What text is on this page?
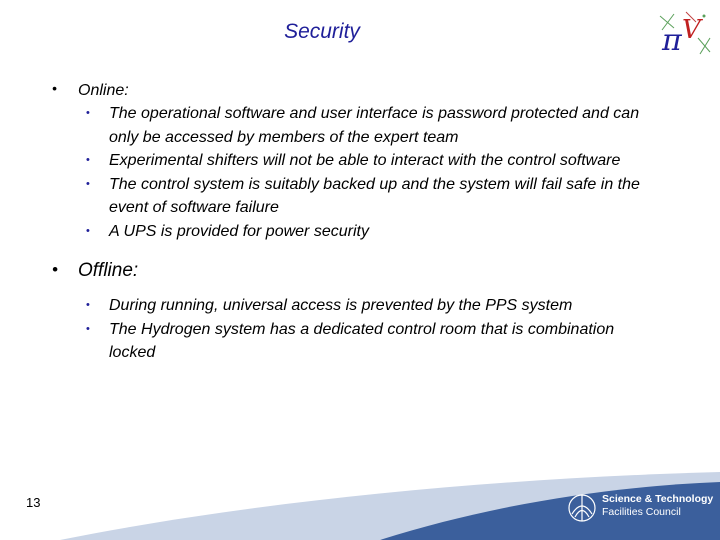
Security	π V
• Online:
• The operational software and user interface is password protected and can only be accessed by members of the expert team
• Experimental shifters will not be able to interact with the control software
• The control system is suitably backed up and the system will fail safe in the event of software failure
• A UPS is provided for power security
• Offline:
• During running, universal access is prevented by the PPS system
• The Hydrogen system has a dedicated control room that is combination locked
13	Science & Technology
Facilities Council
